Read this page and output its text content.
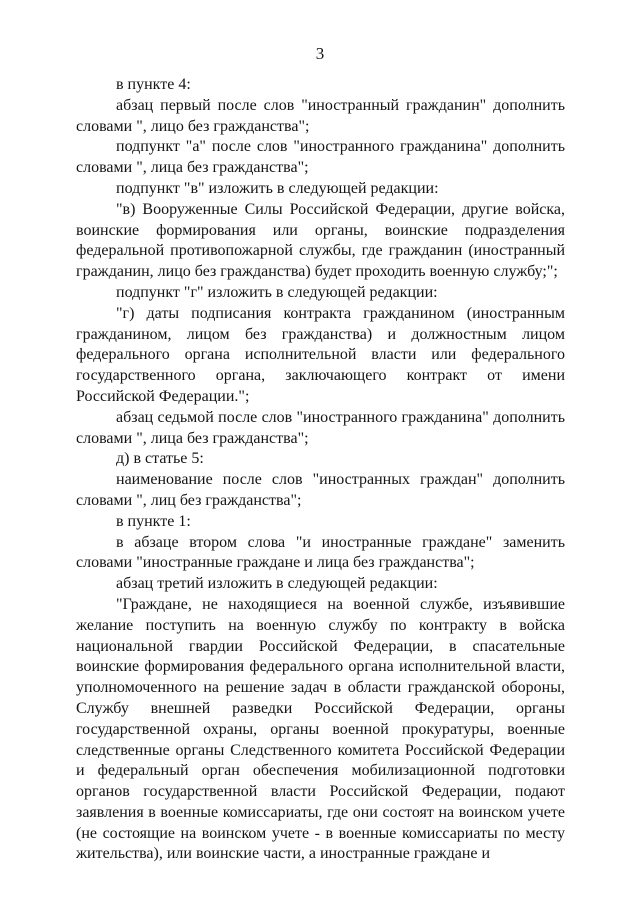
3

в пункте 4:

абзац первый после слов "иностранный гражданин" дополнить словами ", лицо без гражданства";

подпункт "а" после слов "иностранного гражданина" дополнить словами ", лица без гражданства";

подпункт "в" изложить в следующей редакции:

"в) Вооруженные Силы Российской Федерации, другие войска, воинские формирования или органы, воинские подразделения федеральной противопожарной службы, где гражданин (иностранный гражданин, лицо без гражданства) будет проходить военную службу;";

подпункт "г" изложить в следующей редакции:

"г) даты подписания контракта гражданином (иностранным гражданином, лицом без гражданства) и должностным лицом федерального органа исполнительной власти или федерального государственного органа, заключающего контракт от имени Российской Федерации.";

абзац седьмой после слов "иностранного гражданина" дополнить словами ", лица без гражданства";

д) в статье 5:

наименование после слов "иностранных граждан" дополнить словами ", лиц без гражданства";

в пункте 1:

в абзаце втором слова "и иностранные граждане" заменить словами "иностранные граждане и лица без гражданства";

абзац третий изложить в следующей редакции:

"Граждане, не находящиеся на военной службе, изъявившие желание поступить на военную службу по контракту в войска национальной гвардии Российской Федерации, в спасательные воинские формирования федерального органа исполнительной власти, уполномоченного на решение задач в области гражданской обороны, Службу внешней разведки Российской Федерации, органы государственной охраны, органы военной прокуратуры, военные следственные органы Следственного комитета Российской Федерации и федеральный орган обеспечения мобилизационной подготовки органов государственной власти Российской Федерации, подают заявления в военные комиссариаты, где они состоят на воинском учете (не состоящие на воинском учете - в военные комиссариаты по месту жительства), или воинские части, а иностранные граждане и
